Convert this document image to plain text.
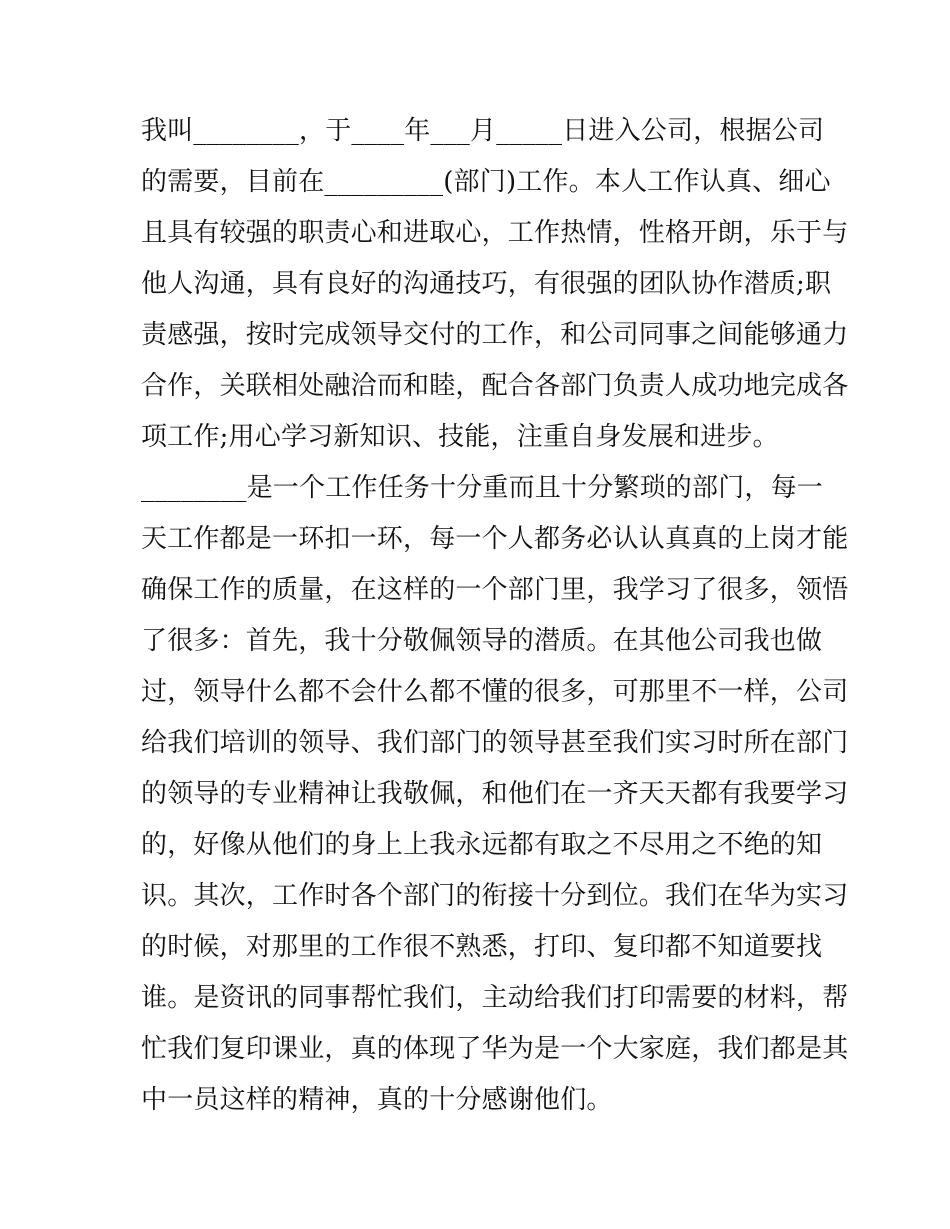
我叫________，于____年___月_____日进入公司，根据公司
的需要，目前在_________(部门)工作。本人工作认真、细心
且具有较强的职责心和进取心，工作热情，性格开朗，乐于与
他人沟通，具有良好的沟通技巧，有很强的团队协作潜质;职
责感强，按时完成领导交付的工作，和公司同事之间能够通力
合作，关联相处融洽而和睦，配合各部门负责人成功地完成各
项工作;用心学习新知识、技能，注重自身发展和进步。
________是一个工作任务十分重而且十分繁琐的部门，每一
天工作都是一环扣一环，每一个人都务必认认真真的上岗才能
确保工作的质量，在这样的一个部门里，我学习了很多，领悟
了很多：首先，我十分敬佩领导的潜质。在其他公司我也做
过，领导什么都不会什么都不懂的很多，可那里不一样，公司
给我们培训的领导、我们部门的领导甚至我们实习时所在部门
的领导的专业精神让我敬佩，和他们在一齐天天都有我要学习
的，好像从他们的身上上我永远都有取之不尽用之不绝的知
识。其次，工作时各个部门的衔接十分到位。我们在华为实习
的时候，对那里的工作很不熟悉，打印、复印都不知道要找
谁。是资讯的同事帮忙我们，主动给我们打印需要的材料，帮
忙我们复印课业，真的体现了华为是一个大家庭，我们都是其
中一员这样的精神，真的十分感谢他们。
